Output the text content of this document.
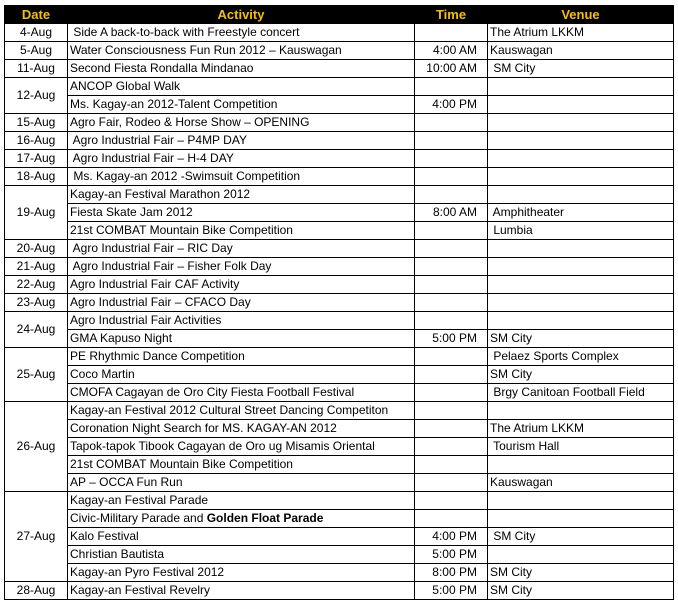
Date	Activity	Time	Venue
4-Aug	Side A back-to-back with Freestyle concert		The Atrium LKKM
5-Aug	Water Consciousness Fun Run 2012 – Kauswagan	4:00 AM	Kauswagan
11-Aug	Second Fiesta Rondalla Mindanao	10:00 AM	SM City
12-Aug	ANCOP Global Walk		
	Ms. Kagay-an 2012-Talent Competition	4:00 PM	
15-Aug	Agro Fair, Rodeo & Horse Show – OPENING		
16-Aug	Agro Industrial Fair – P4MP DAY		
17-Aug	Agro Industrial Fair – H-4 DAY		
18-Aug	Ms. Kagay-an 2012 -Swimsuit Competition		
19-Aug	Kagay-an Festival Marathon 2012		
	Fiesta Skate Jam 2012	8:00 AM	Amphitheater
	21st COMBAT Mountain Bike Competition		Lumbia
20-Aug	Agro Industrial Fair – RIC Day		
21-Aug	Agro Industrial Fair – Fisher Folk Day		
22-Aug	Agro Industrial Fair CAF Activity		
23-Aug	Agro Industrial Fair – CFACO Day		
24-Aug	Agro Industrial Fair Activities		
	GMA Kapuso Night	5:00 PM	SM City
25-Aug	PE Rhythmic Dance Competition		Pelaez Sports Complex
	Coco Martin		SM City
	CMOFA Cagayan de Oro City Fiesta Football Festival		Brgy Canitoan Football Field
26-Aug	Kagay-an Festival 2012 Cultural Street Dancing Competiton		
	Coronation Night Search for MS. KAGAY-AN 2012		The Atrium LKKM
	Tapok-tapok Tibook Cagayan de Oro ug Misamis Oriental		Tourism Hall
	21st COMBAT Mountain Bike Competition		
	AP – OCCA Fun Run		Kauswagan
27-Aug	Kagay-an Festival Parade		
	Civic-Military Parade and Golden Float Parade		
	Kalo Festival	4:00 PM	SM City
	Christian Bautista	5:00 PM	
	Kagay-an Pyro Festival 2012	8:00 PM	SM City
28-Aug	Kagay-an Festival Revelry	5:00 PM	SM City
